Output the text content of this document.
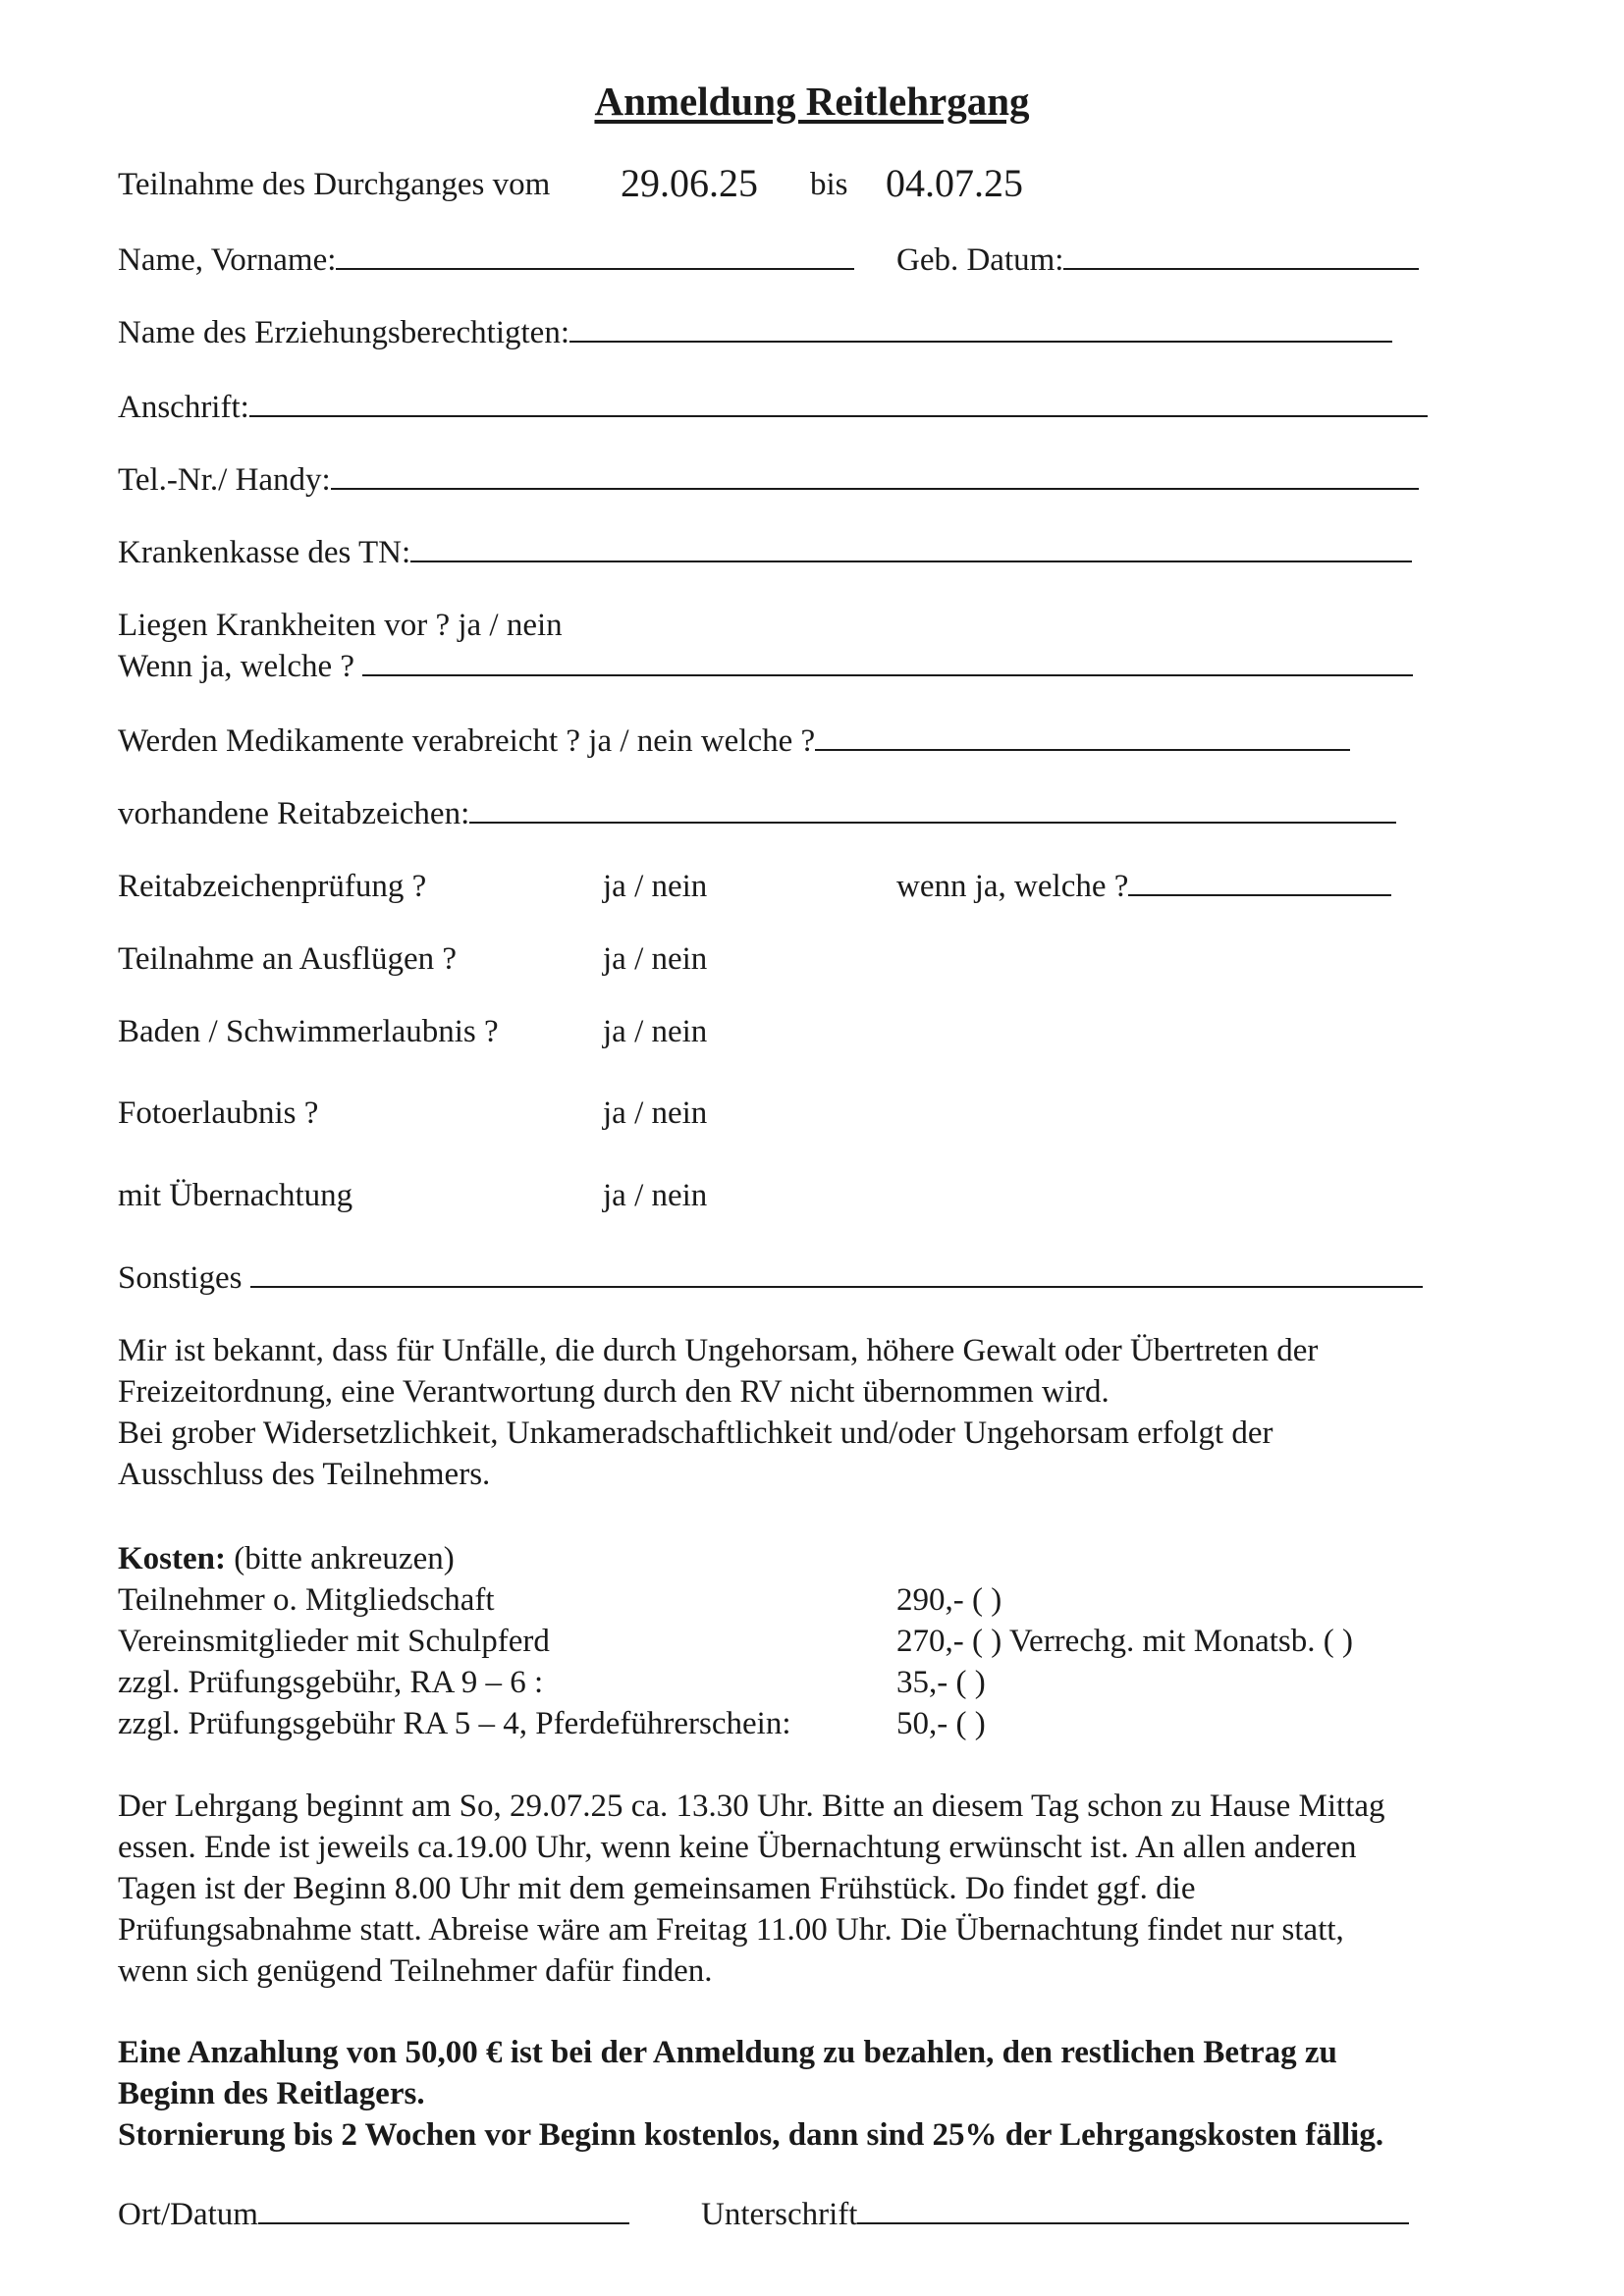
Anmeldung Reitlehrgang
Teilnahme des Durchganges vom 29.06.25 bis 04.07.25
Name, Vorname:	Geb. Datum:
Name des Erziehungsberechtigten:
Anschrift:
Tel.-Nr./ Handy:
Krankenkasse des TN:
Liegen Krankheiten vor ? ja / nein
Wenn ja, welche ?
Werden Medikamente verabreicht ? ja / nein welche ?
vorhandene Reitabzeichen:
Reitabzeichenprüfung ?	ja / nein	wenn ja, welche ?
Teilnahme an Ausflügen ?	ja / nein
Baden / Schwimmerlaubnis ?	ja / nein
Fotoerlaubnis ?	ja / nein
mit Übernachtung	ja / nein
Sonstiges

Mir ist bekannt, dass für Unfälle, die durch Ungehorsam, höhere Gewalt oder Übertreten der

Freizeitordnung, eine Verantwortung durch den RV nicht übernommen wird.

Bei grober Widersetzlichkeit, Unkameradschaftlichkeit und/oder Ungehorsam erfolgt der

Ausschluss des Teilnehmers.

Kosten: (bitte ankreuzen)
Teilnehmer o. Mitgliedschaft	290,- ( )
Vereinsmitglieder mit Schulpferd	270,- ( ) Verrechg. mit Monatsb. ( )
zzgl. Prüfungsgebühr, RA 9 – 6 :	35,- ( )
zzgl. Prüfungsgebühr RA 5 – 4, Pferdeführerschein:	50,- ( )

Der Lehrgang beginnt am So, 29.07.25 ca. 13.30 Uhr. Bitte an diesem Tag schon zu Hause Mittag

essen. Ende ist jeweils ca.19.00 Uhr, wenn keine Übernachtung erwünscht ist. An allen anderen

Tagen ist der Beginn 8.00 Uhr mit dem gemeinsamen Frühstück. Do findet ggf. die

Prüfungsabnahme statt. Abreise wäre am Freitag 11.00 Uhr. Die Übernachtung findet nur statt,

wenn sich genügend Teilnehmer dafür finden.

Eine Anzahlung von 50,00 € ist bei der Anmeldung zu bezahlen, den restlichen Betrag zu

Beginn des Reitlagers.

Stornierung bis 2 Wochen vor Beginn kostenlos, dann sind 25% der Lehrgangskosten fällig.

Ort/Datum	Unterschrift
